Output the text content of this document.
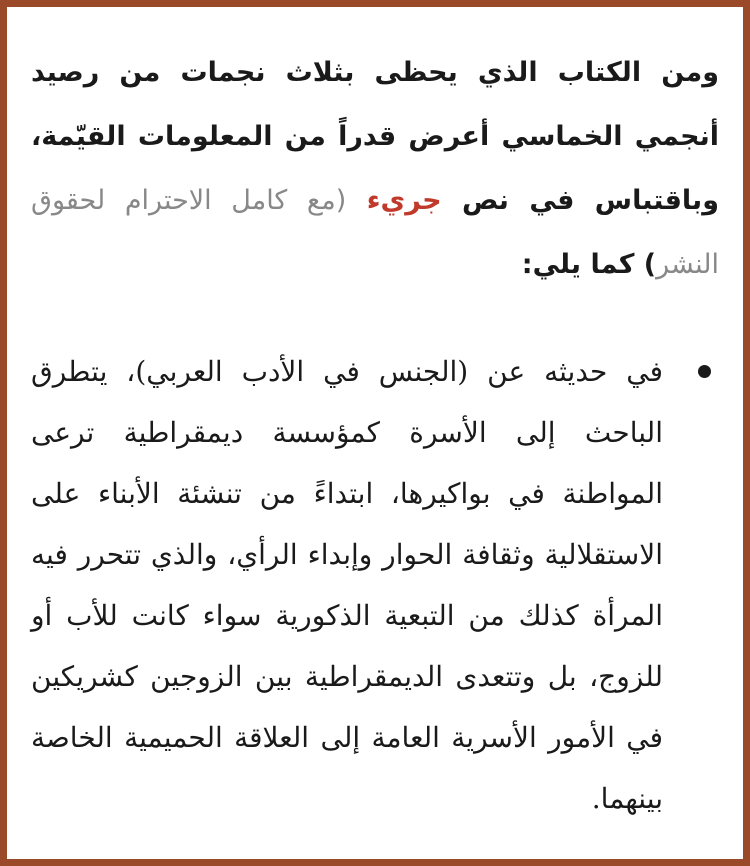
ومن الكتاب الذي يحظى بثلاث نجمات من رصيد أنجمي الخماسي أعرض قدراً من المعلومات القيّمة، وباقتباس في نص جريء (مع كامل الاحترام لحقوق النشر) كما يلي:

في حديثه عن (الجنس في الأدب العربي)، يتطرق الباحث إلى الأسرة كمؤسسة ديمقراطية ترعى المواطنة في بواكيرها، ابتداءً من تنشئة الأبناء على الاستقلالية وثقافة الحوار وإبداء الرأي، والذي تتحرر فيه المرأة كذلك من التبعية الذكورية سواء كانت للأب أو للزوج، بل وتتعدى الديمقراطية بين الزوجين كشريكين في الأمور الأسرية العامة إلى العلاقة الحميمية الخاصة بينهما.
